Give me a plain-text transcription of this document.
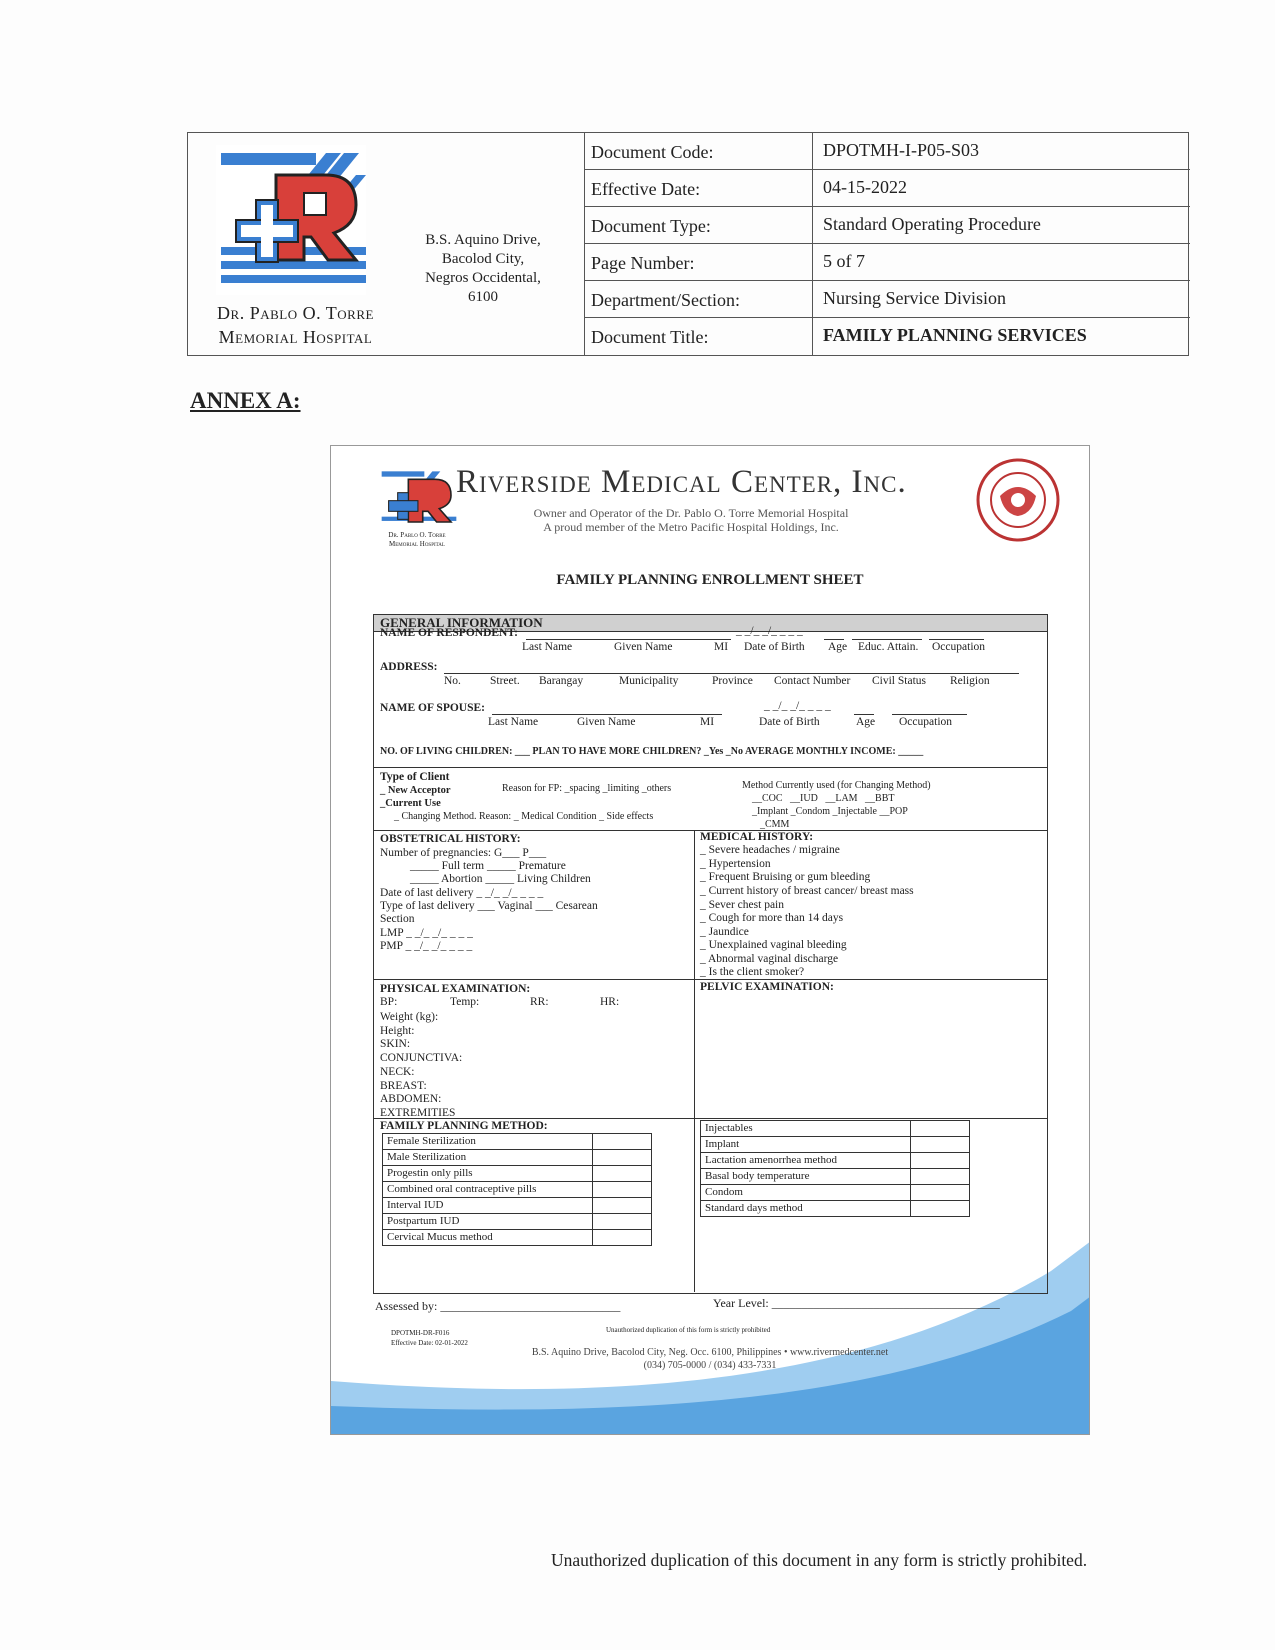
Dr. Pablo O. Torre
Memorial Hospital
B.S. Aquino Drive,
Bacolod City,
Negros Occidental,
6100
Document Code:	DPOTMH-I-P05-S03
Effective Date:	04-15-2022
Document Type:	Standard Operating Procedure
Page Number:	5 of 7
Department/Section:	Nursing Service Division
Document Title:	FAMILY PLANNING SERVICES
ANNEX A:
Dr. Pablo O. Torre
Memorial Hospital
Riverside Medical Center, Inc.
Owner and Operator of the Dr. Pablo O. Torre Memorial Hospital
A proud member of the Metro Pacific Hospital Holdings, Inc.
FAMILY PLANNING ENROLLMENT SHEET
GENERAL INFORMATION
NAME OF RESPONDENT:	_ _/_ _/_ _ _ _
Last Name	Given Name	MI Date of Birth Age Educ. Attain. Occupation
ADDRESS:
No.	Street. Barangay	Municipality	Province Contact Number Civil Status Religion
NAME OF SPOUSE:	_ _/_ _/_ _ _ _
Last Name	Given Name	MI	Date of Birth	Age Occupation
NO. OF LIVING CHILDREN: ___ PLAN TO HAVE MORE CHILDREN? _Yes _No AVERAGE MONTHLY INCOME: _____
Type of Client
_ New Acceptor
_Current Use
_ Changing Method. Reason: _ Medical Condition _ Side effects
Reason for FP: _spacing _limiting _others	Method Currently used (for Changing Method)
__COC __IUD __LAM __BBT
_Implant _Condom _Injectable __POP
_CMM
OBSTETRICAL HISTORY:
Number of pregnancies: G___ P___
_____ Full term _____ Premature
_____ Abortion _____ Living Children
Date of last delivery _ _/_ _/_ _ _ _
Type of last delivery ___ Vaginal ___ Cesarean
Section
LMP _ _/_ _/_ _ _ _
PMP _ _/_ _/_ _ _ _
MEDICAL HISTORY:
_ Severe headaches / migraine
_ Hypertension
_ Frequent Bruising or gum bleeding
_ Current history of breast cancer/ breast mass
_ Sever chest pain
_ Cough for more than 14 days
_ Jaundice
_ Unexplained vaginal bleeding
_ Abnormal vaginal discharge
_ Is the client smoker?
PHYSICAL EXAMINATION:
BP:	Temp:	RR:	HR:
Weight (kg):
Height:
SKIN:
CONJUNCTIVA:
NECK:
BREAST:
ABDOMEN:
EXTREMITIES
PELVIC EXAMINATION:
FAMILY PLANNING METHOD:
Female Sterilization	
Male Sterilization	
Progestin only pills	
Combined oral contraceptive pills	
Interval IUD	
Postpartum IUD	
Cervical Mucus method	
Injectables	
Implant	
Lactation amenorrhea method	
Basal body temperature	
Condom	
Standard days method	
Assessed by: ______________________________	Year Level: ______________________________________
DPOTMH-DR-F016
Effective Date: 02-01-2022
Unauthorized duplication of this form is strictly prohibited
B.S. Aquino Drive, Bacolod City, Neg. Occ. 6100, Philippines • www.rivermedcenter.net
(034) 705-0000 / (034) 433-7331
Unauthorized duplication of this document in any form is strictly prohibited.
